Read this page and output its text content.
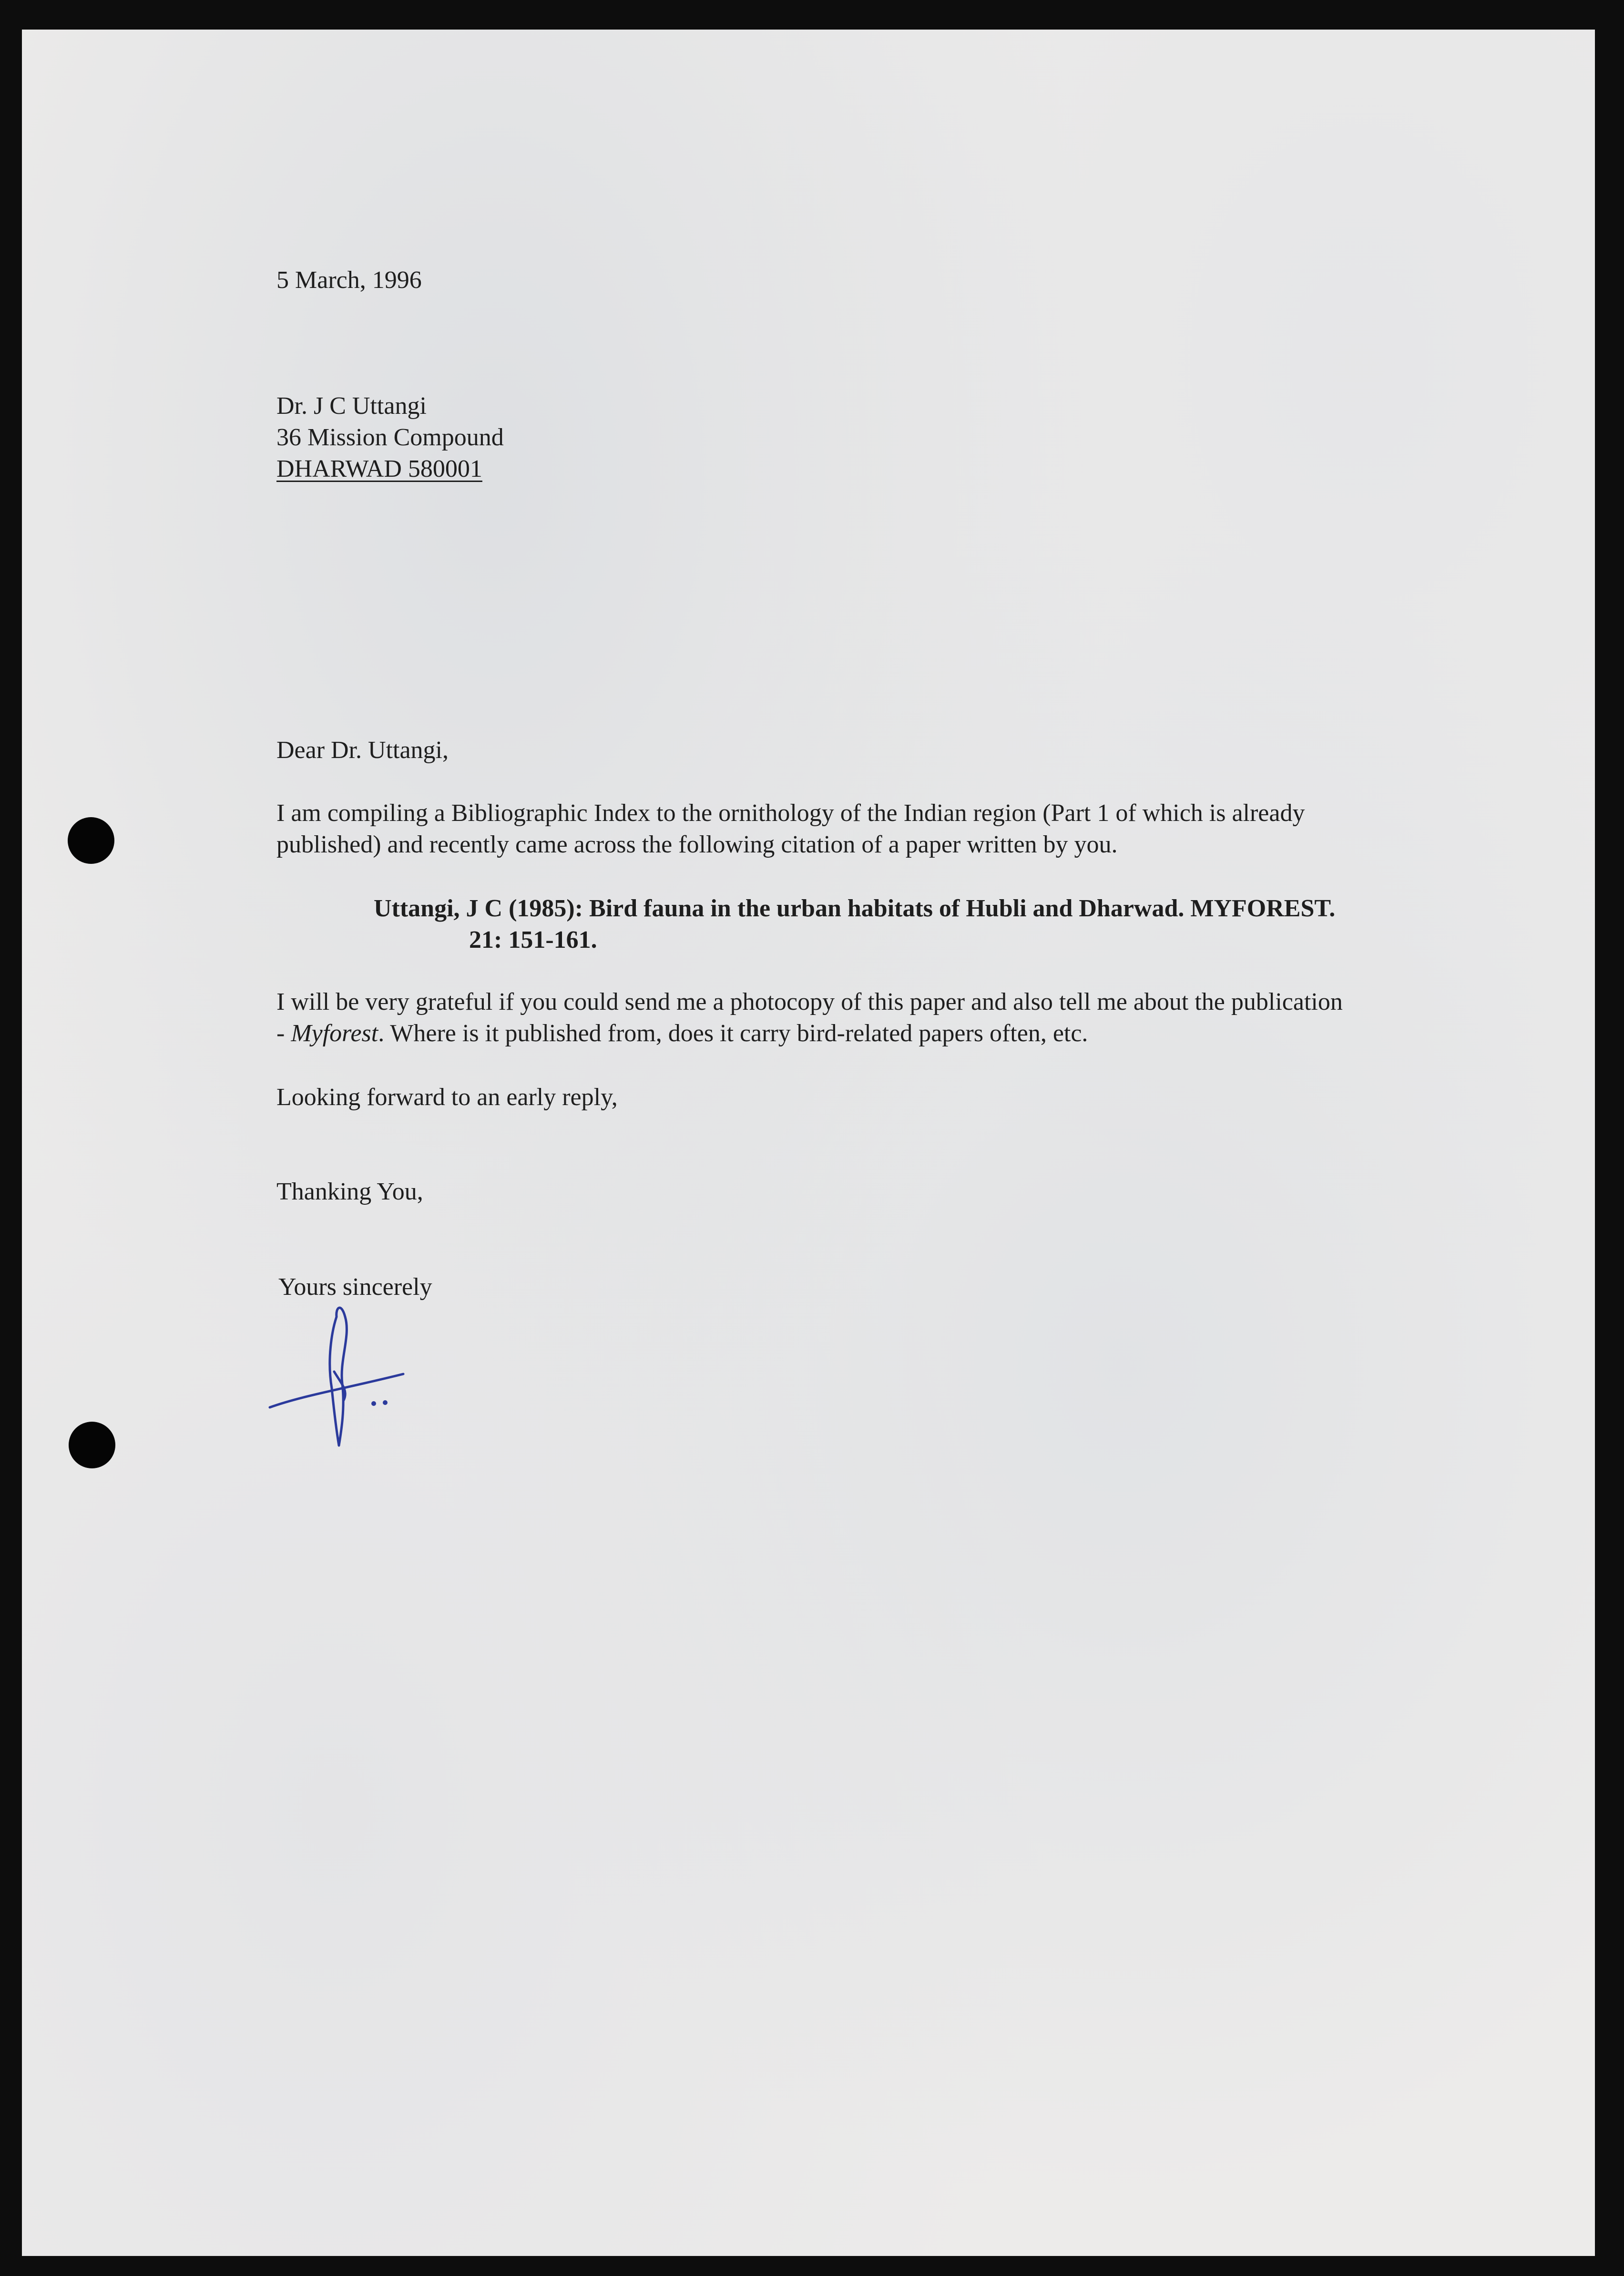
5 March, 1996
Dr. J C Uttangi
36 Mission Compound
DHARWAD 580001
Dear Dr. Uttangi,
I am compiling a Bibliographic Index to the ornithology of the Indian region (Part 1 of which is already
published) and recently came across the following citation of a paper written by you.
Uttangi, J C (1985): Bird fauna in the urban habitats of Hubli and Dharwad. MYFOREST.
21: 151-161.
I will be very grateful if you could send me a photocopy of this paper and also tell me about the publication
- Myforest. Where is it published from, does it carry bird-related papers often, etc.
Looking forward to an early reply,
Thanking You,
Yours sincerely
